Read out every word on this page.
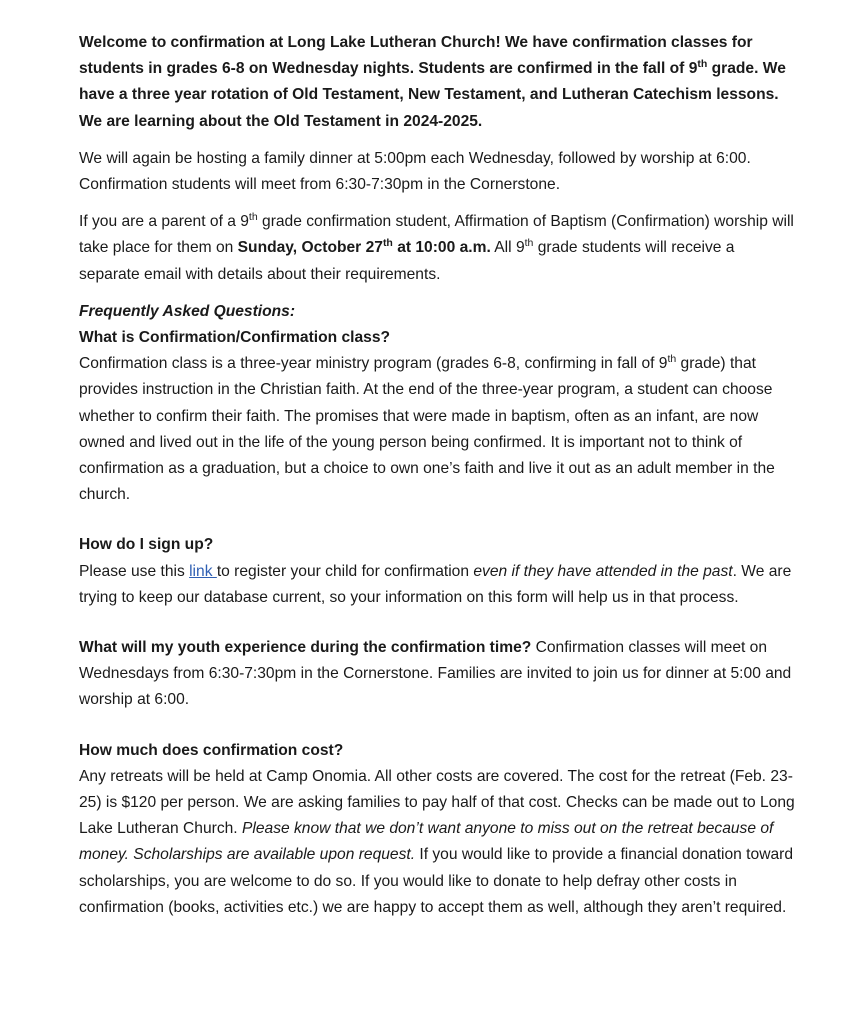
Welcome to confirmation at Long Lake Lutheran Church! We have confirmation classes for students in grades 6-8 on Wednesday nights. Students are confirmed in the fall of 9th grade. We have a three year rotation of Old Testament, New Testament, and Lutheran Catechism lessons. We are learning about the Old Testament in 2024-2025.

We will again be hosting a family dinner at 5:00pm each Wednesday, followed by worship at 6:00. Confirmation students will meet from 6:30-7:30pm in the Cornerstone.

If you are a parent of a 9th grade confirmation student, Affirmation of Baptism (Confirmation) worship will take place for them on Sunday, October 27th at 10:00 a.m. All 9th grade students will receive a separate email with details about their requirements.

Frequently Asked Questions:

What is Confirmation/Confirmation class?

Confirmation class is a three-year ministry program (grades 6-8, confirming in fall of 9th grade) that provides instruction in the Christian faith. At the end of the three-year program, a student can choose whether to confirm their faith. The promises that were made in baptism, often as an infant, are now owned and lived out in the life of the young person being confirmed. It is important not to think of confirmation as a graduation, but a choice to own one’s faith and live it out as an adult member in the church.

How do I sign up?

Please use this link to register your child for confirmation even if they have attended in the past. We are trying to keep our database current, so your information on this form will help us in that process.

What will my youth experience during the confirmation time? Confirmation classes will meet on Wednesdays from 6:30-7:30pm in the Cornerstone. Families are invited to join us for dinner at 5:00 and worship at 6:00.

How much does confirmation cost?

Any retreats will be held at Camp Onomia. All other costs are covered. The cost for the retreat (Feb. 23-25) is $120 per person. We are asking families to pay half of that cost. Checks can be made out to Long Lake Lutheran Church. Please know that we don’t want anyone to miss out on the retreat because of money. Scholarships are available upon request. If you would like to provide a financial donation toward scholarships, you are welcome to do so. If you would like to donate to help defray other costs in confirmation (books, activities etc.) we are happy to accept them as well, although they aren’t required.
